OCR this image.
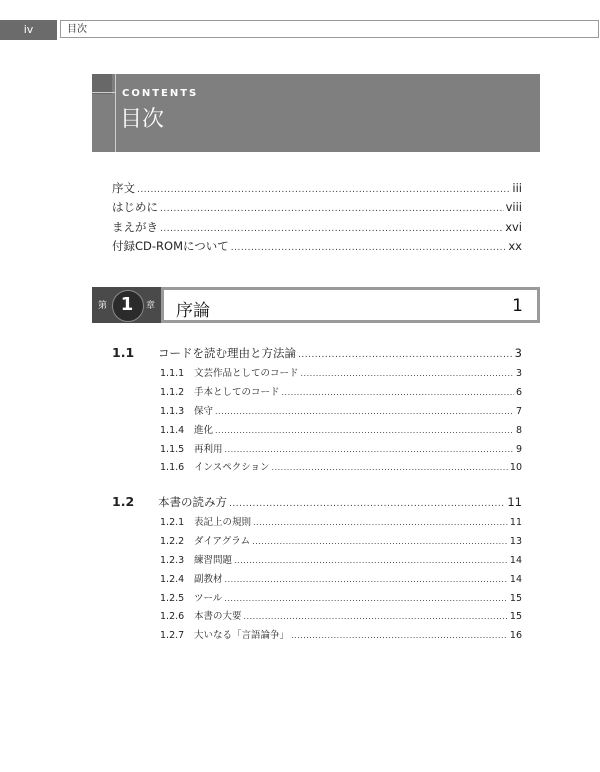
iv	目次
CONTENTS
目次
序文 .....	iii
はじめに .....	viii
まえがき .....	xvi
付録CD-ROMについて .....	xx
第 1	章 序論	1
1.1	コードを読む理由と方法論 .....	3
1.1.1	文芸作品としてのコード .....	3
1.1.2	手本としてのコード .....	6
1.1.3	保守 .....	7
1.1.4	進化 .....	8
1.1.5	再利用 .....	9
1.1.6	インスペクション .....	10
1.2	本書の読み方 .....	11
1.2.1	表記上の規則 .....	11
1.2.2	ダイアグラム .....	13
1.2.3	練習問題 .....	14
1.2.4	副教材 .....	14
1.2.5	ツール .....	15
1.2.6	本書の大要 .....	15
1.2.7	大いなる「言語論争」 .....	16
